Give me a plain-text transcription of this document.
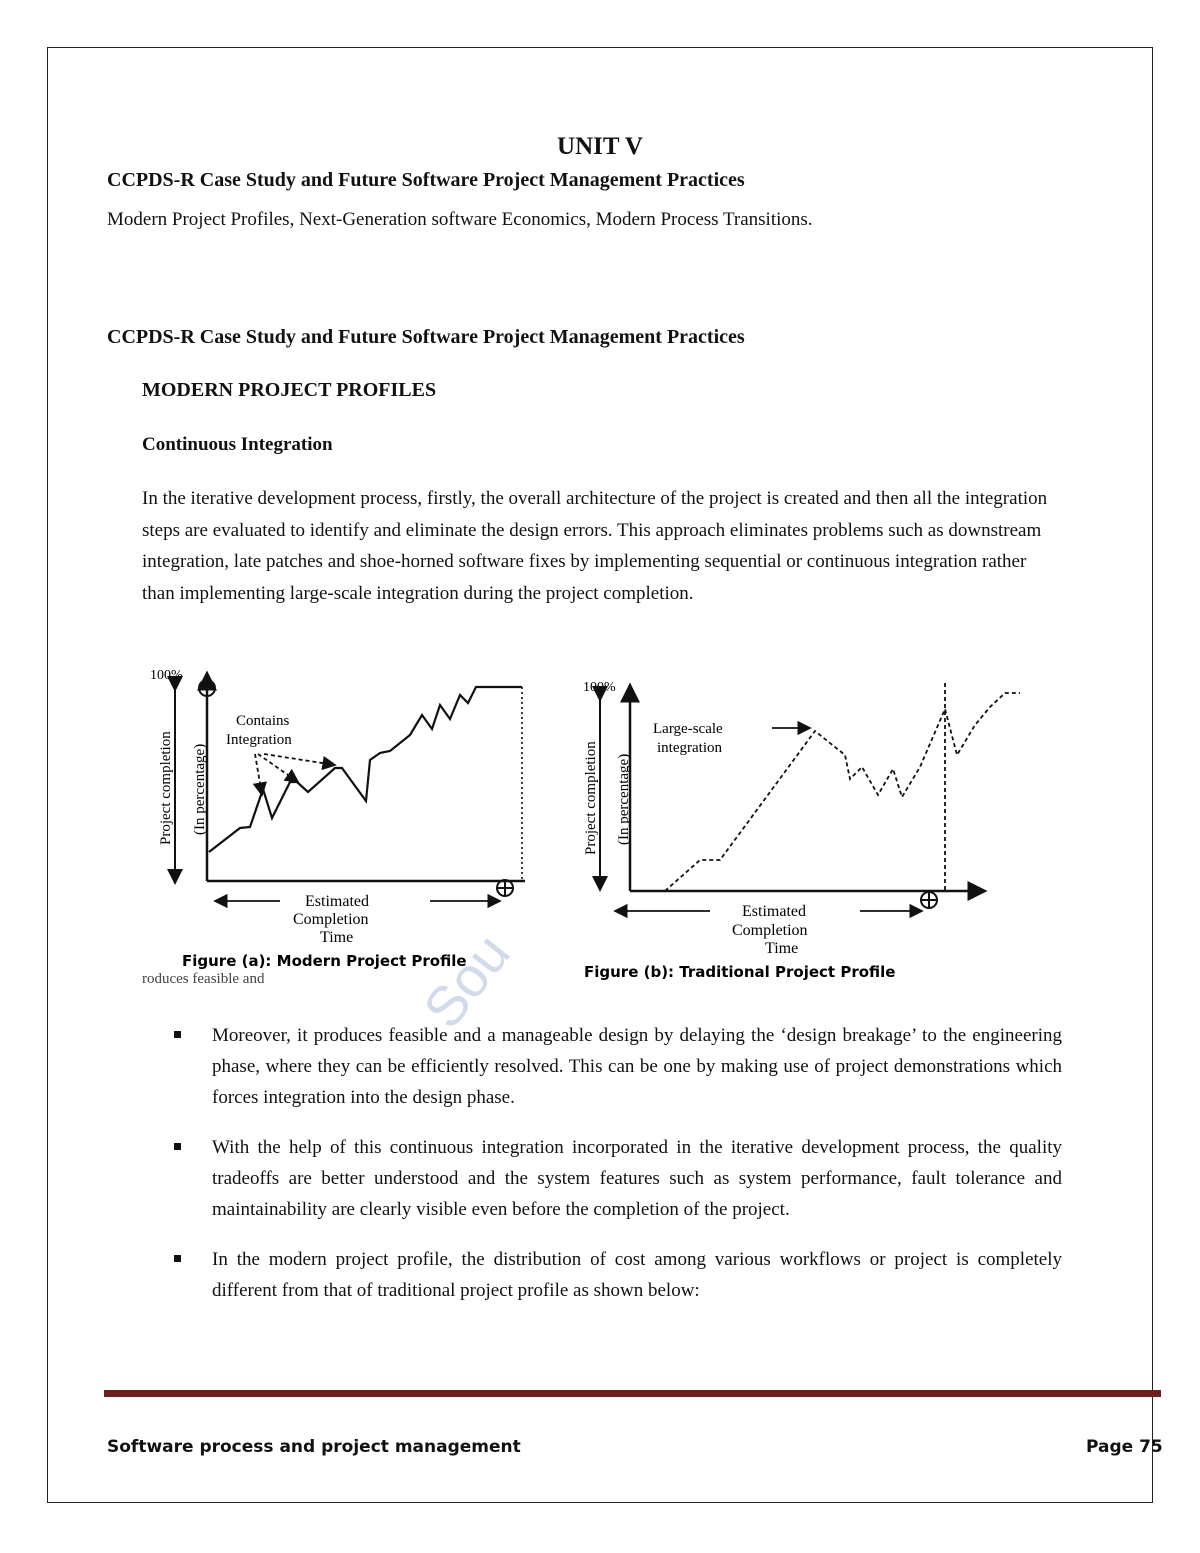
UNIT V
CCPDS-R Case Study and Future Software Project Management Practices
Modern Project Profiles, Next-Generation software Economics, Modern Process Transitions.
CCPDS-R Case Study and Future Software Project Management Practices
MODERN PROJECT PROFILES
Continuous Integration
In the iterative development process, firstly, the overall architecture of the project is created and then all the integration steps are evaluated to identify and eliminate the design errors. This approach eliminates problems such as downstream integration, late patches and shoe-horned software fixes by implementing sequential or continuous integration rather than implementing large-scale integration during the project completion.
Sou
100%
Project completion (In percentage)
Contains
Integration
Estimated
Completion
Time
Figure (a): Modern Project Profile
roduces feasible and
100%
Project completion (In percentage)
Large-scale
integration
Estimated
Completion
Time
Figure (b): Traditional Project Profile
Moreover, it produces feasible and a manageable design by delaying the ‘design breakage’ to the engineering phase, where they can be efficiently resolved. This can be one by making use of project demonstrations which forces integration into the design phase.
With the help of this continuous integration incorporated in the iterative development process, the quality tradeoffs are better understood and the system features such as system performance, fault tolerance and maintainability are clearly visible even before the completion of the project.
In the modern project profile, the distribution of cost among various workflows or project is completely different from that of traditional project profile as shown below:
Software process and project management	Page 75
